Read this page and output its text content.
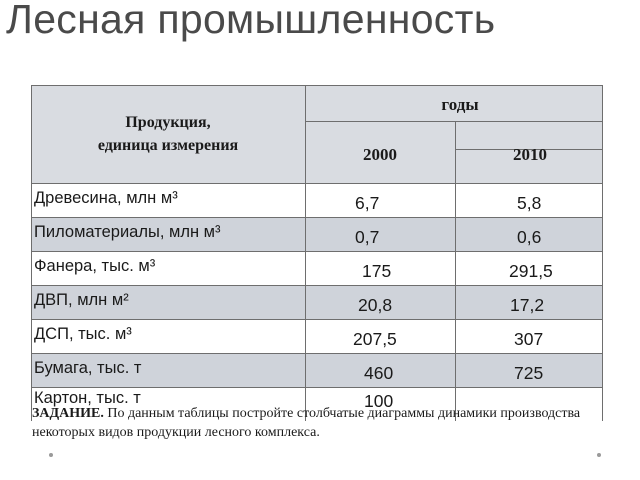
Лесная промышленность
Продукция,
единица измерения
годы
2000	2010
Древесина, млн м³	6,7	5,8
Пиломатериалы, млн м³	0,7	0,6
Фанера, тыс. м³	175	291,5
ДВП, млн м²	20,8	17,2
ДСП, тыс. м³	207,5	307
Бумага, тыс. т	460	725
Картон, тыс. т	100
ЗАДАНИЕ. По данным таблицы постройте столбчатые диаграммы динамики производства некоторых видов продукции лесного комплекса.
